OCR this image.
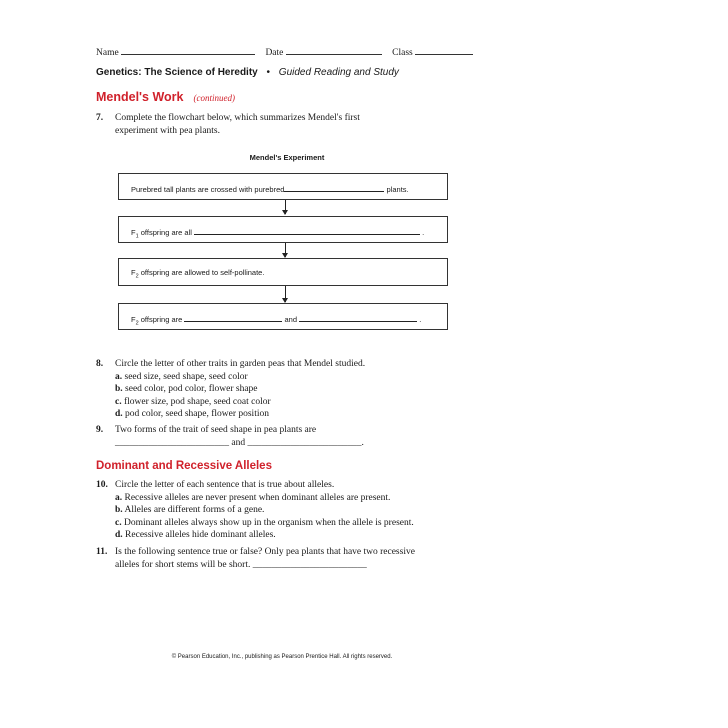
Name	Date	Class
Genetics: The Science of Heredity • Guided Reading and Study
Mendel's Work (continued)
7. Complete the flowchart below, which summarizes Mendel's first
experiment with pea plants.
Mendel's Experiment
Purebred tall plants are crossed with purebred	plants.
$F_1$ offspring are all	.
$F_2$ offspring are allowed to self-pollinate.
$F_2$ offspring are	and	.
8. Circle the letter of other traits in garden peas that Mendel studied.
a. seed size, seed shape, seed color
b. seed color, pod color, flower shape
c. flower size, pod shape, seed coat color
d. pod color, seed shape, flower position
9. Two forms of the trait of seed shape in pea plants are
________________________ and ________________________.
Dominant and Recessive Alleles
10. Circle the letter of each sentence that is true about alleles.
a. Recessive alleles are never present when dominant alleles are present.
b. Alleles are different forms of a gene.
c. Dominant alleles always show up in the organism when the allele is present.
d. Recessive alleles hide dominant alleles.
11. Is the following sentence true or false? Only pea plants that have two recessive
alleles for short stems will be short. ________________________
© Pearson Education, Inc., publishing as Pearson Prentice Hall. All rights reserved.
